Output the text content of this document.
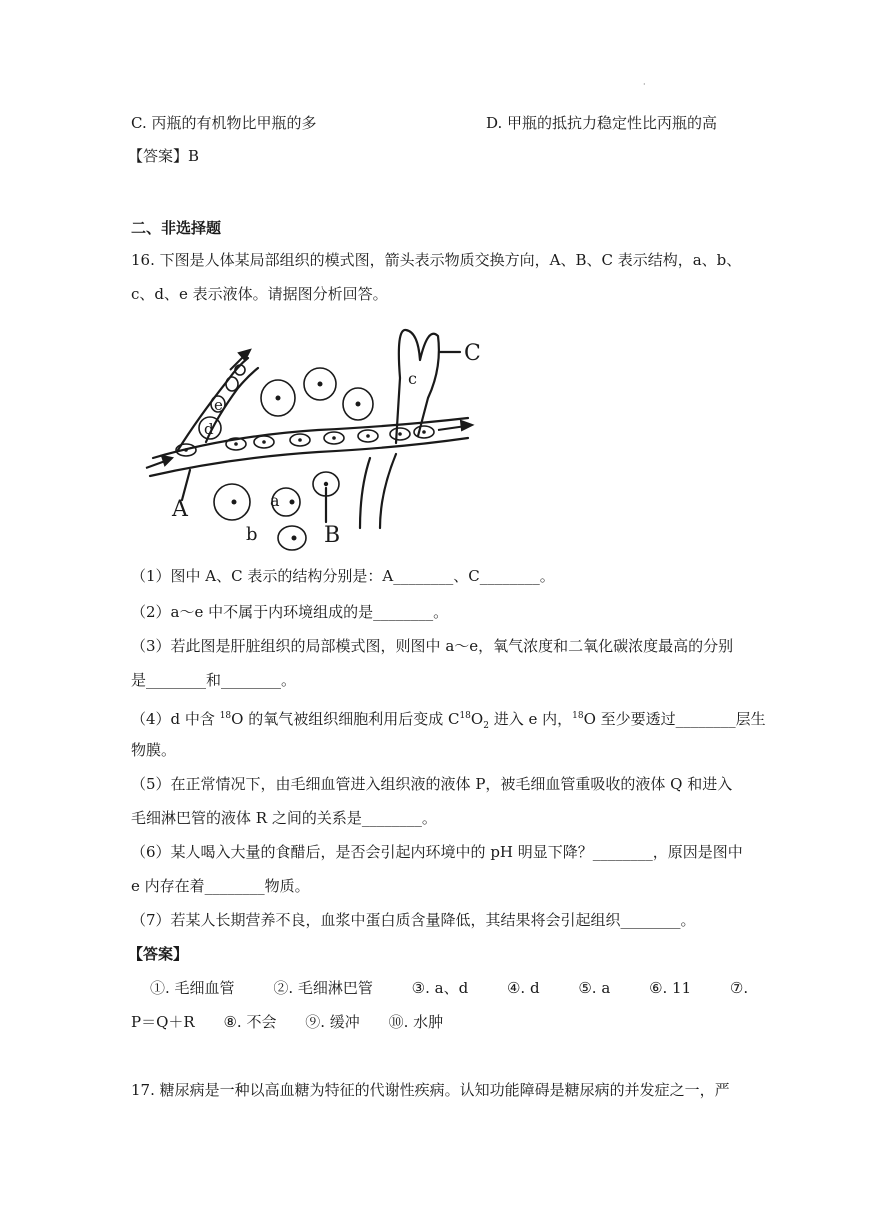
·
C. 丙瓶的有机物比甲瓶的多	D. 甲瓶的抵抗力稳定性比丙瓶的高
【答案】B
二、非选择题
16. 下图是人体某局部组织的模式图，箭头表示物质交换方向，A、B、C 表示结构，a、b、
c、d、e 表示液体。请据图分析回答。
C
c
e
d
a
A
b	B
（1）图中 A、C 表示的结构分别是：A________、C________。
（2）a～e 中不属于内环境组成的是________。
（3）若此图是肝脏组织的局部模式图，则图中 a～e，氧气浓度和二氧化碳浓度最高的分别
是________和________。
（4）d 中含 $^{18}$O 的氧气被组织细胞利用后变成 $C^{18}O_2$ 进入 e 内，$^{18}$O 至少要透过________层生
物膜。
（5）在正常情况下，由毛细血管进入组织液的液体 P，被毛细血管重吸收的液体 Q 和进入
毛细淋巴管的液体 R 之间的关系是________。
（6）某人喝入大量的食醋后，是否会引起内环境中的 pH 明显下降？________，原因是图中
e 内存在着________物质。
（7）若某人长期营养不良，血浆中蛋白质含量降低，其结果将会引起组织________。
【答案】
①. 毛细血管	②. 毛细淋巴管	③. a、d	④. d	⑤. a	⑥. 11	⑦.
P＝Q＋R ⑧. 不会 ⑨. 缓冲 ⑩. 水肿
17. 糖尿病是一种以高血糖为特征的代谢性疾病。认知功能障碍是糖尿病的并发症之一，严
